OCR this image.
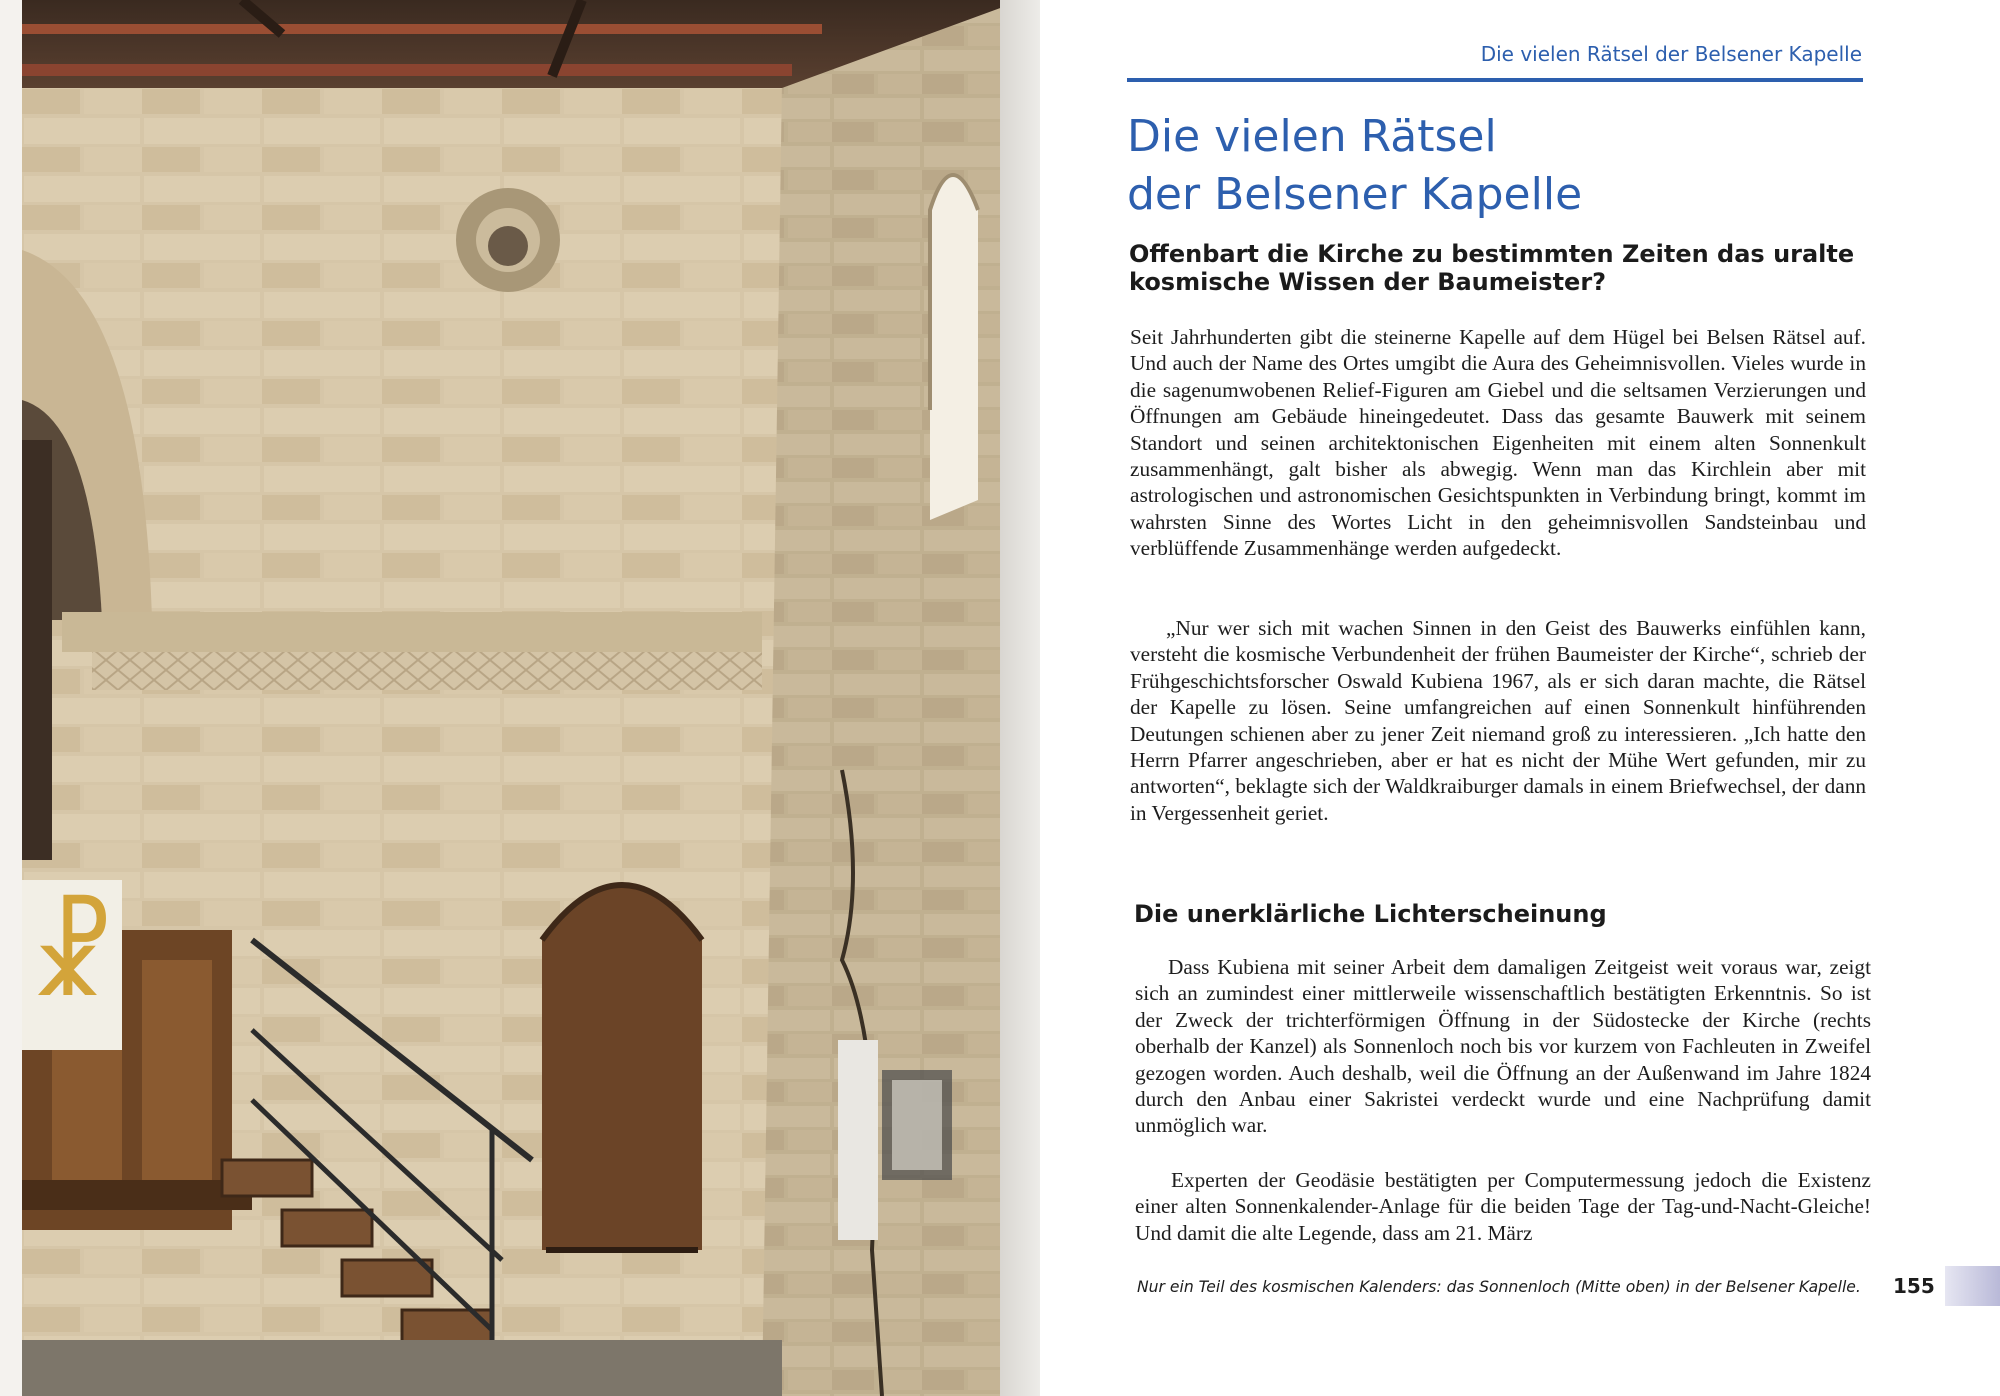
☧
Die vielen Rätsel der Belsener Kapelle
Die vielen Rätsel
der Belsener Kapelle
Offenbart die Kirche zu bestimmten Zeiten das uralte
kosmische Wissen der Baumeister?

Seit Jahrhunderten gibt die steinerne Kapelle auf dem Hügel bei Belsen Rätsel auf. Und auch der Name des Ortes umgibt die Aura des Geheimnisvollen. Vieles wurde in die sagenumwobenen Relief-Figuren am Giebel und die seltsamen Verzierungen und Öffnungen am Gebäude hineingedeutet. Dass das gesamte Bauwerk mit seinem Standort und seinen architektonischen Eigenheiten mit einem alten Sonnenkult zusammenhängt, galt bisher als abwegig. Wenn man das Kirchlein aber mit astrologischen und astronomischen Gesichtspunkten in Verbindung bringt, kommt im wahrsten Sinne des Wortes Licht in den geheimnisvollen Sandsteinbau und verblüffende Zusammenhänge werden aufgedeckt.

„Nur wer sich mit wachen Sinnen in den Geist des Bauwerks einfühlen kann, versteht die kosmische Verbundenheit der frühen Baumeister der Kirche“, schrieb der Frühgeschichtsforscher Oswald Kubiena 1967, als er sich daran machte, die Rätsel der Kapelle zu lösen. Seine umfangreichen auf einen Sonnenkult hinführenden Deutungen schienen aber zu jener Zeit niemand groß zu interessieren. „Ich hatte den Herrn Pfarrer angeschrieben, aber er hat es nicht der Mühe Wert gefunden, mir zu antworten“, beklagte sich der Waldkraiburger damals in einem Briefwechsel, der dann in Vergessenheit geriet.

Die unerklärliche Lichterscheinung

Dass Kubiena mit seiner Arbeit dem damaligen Zeitgeist weit voraus war, zeigt sich an zumindest einer mittlerweile wissenschaftlich bestätigten Erkenntnis. So ist der Zweck der trichterförmigen Öffnung in der Südostecke der Kirche (rechts oberhalb der Kanzel) als Sonnenloch noch bis vor kurzem von Fachleuten in Zweifel gezogen worden. Auch deshalb, weil die Öffnung an der Außenwand im Jahre 1824 durch den Anbau einer Sakristei verdeckt wurde und eine Nachprüfung damit unmöglich war.

Experten der Geodäsie bestätigten per Computermessung jedoch die Existenz einer alten Sonnenkalender-Anlage für die beiden Tage der Tag-und-Nacht-Gleiche! Und damit die alte Legende, dass am 21. März

Nur ein Teil des kosmischen Kalenders: das Sonnenloch (Mitte oben) in der Belsener Kapelle.	155
